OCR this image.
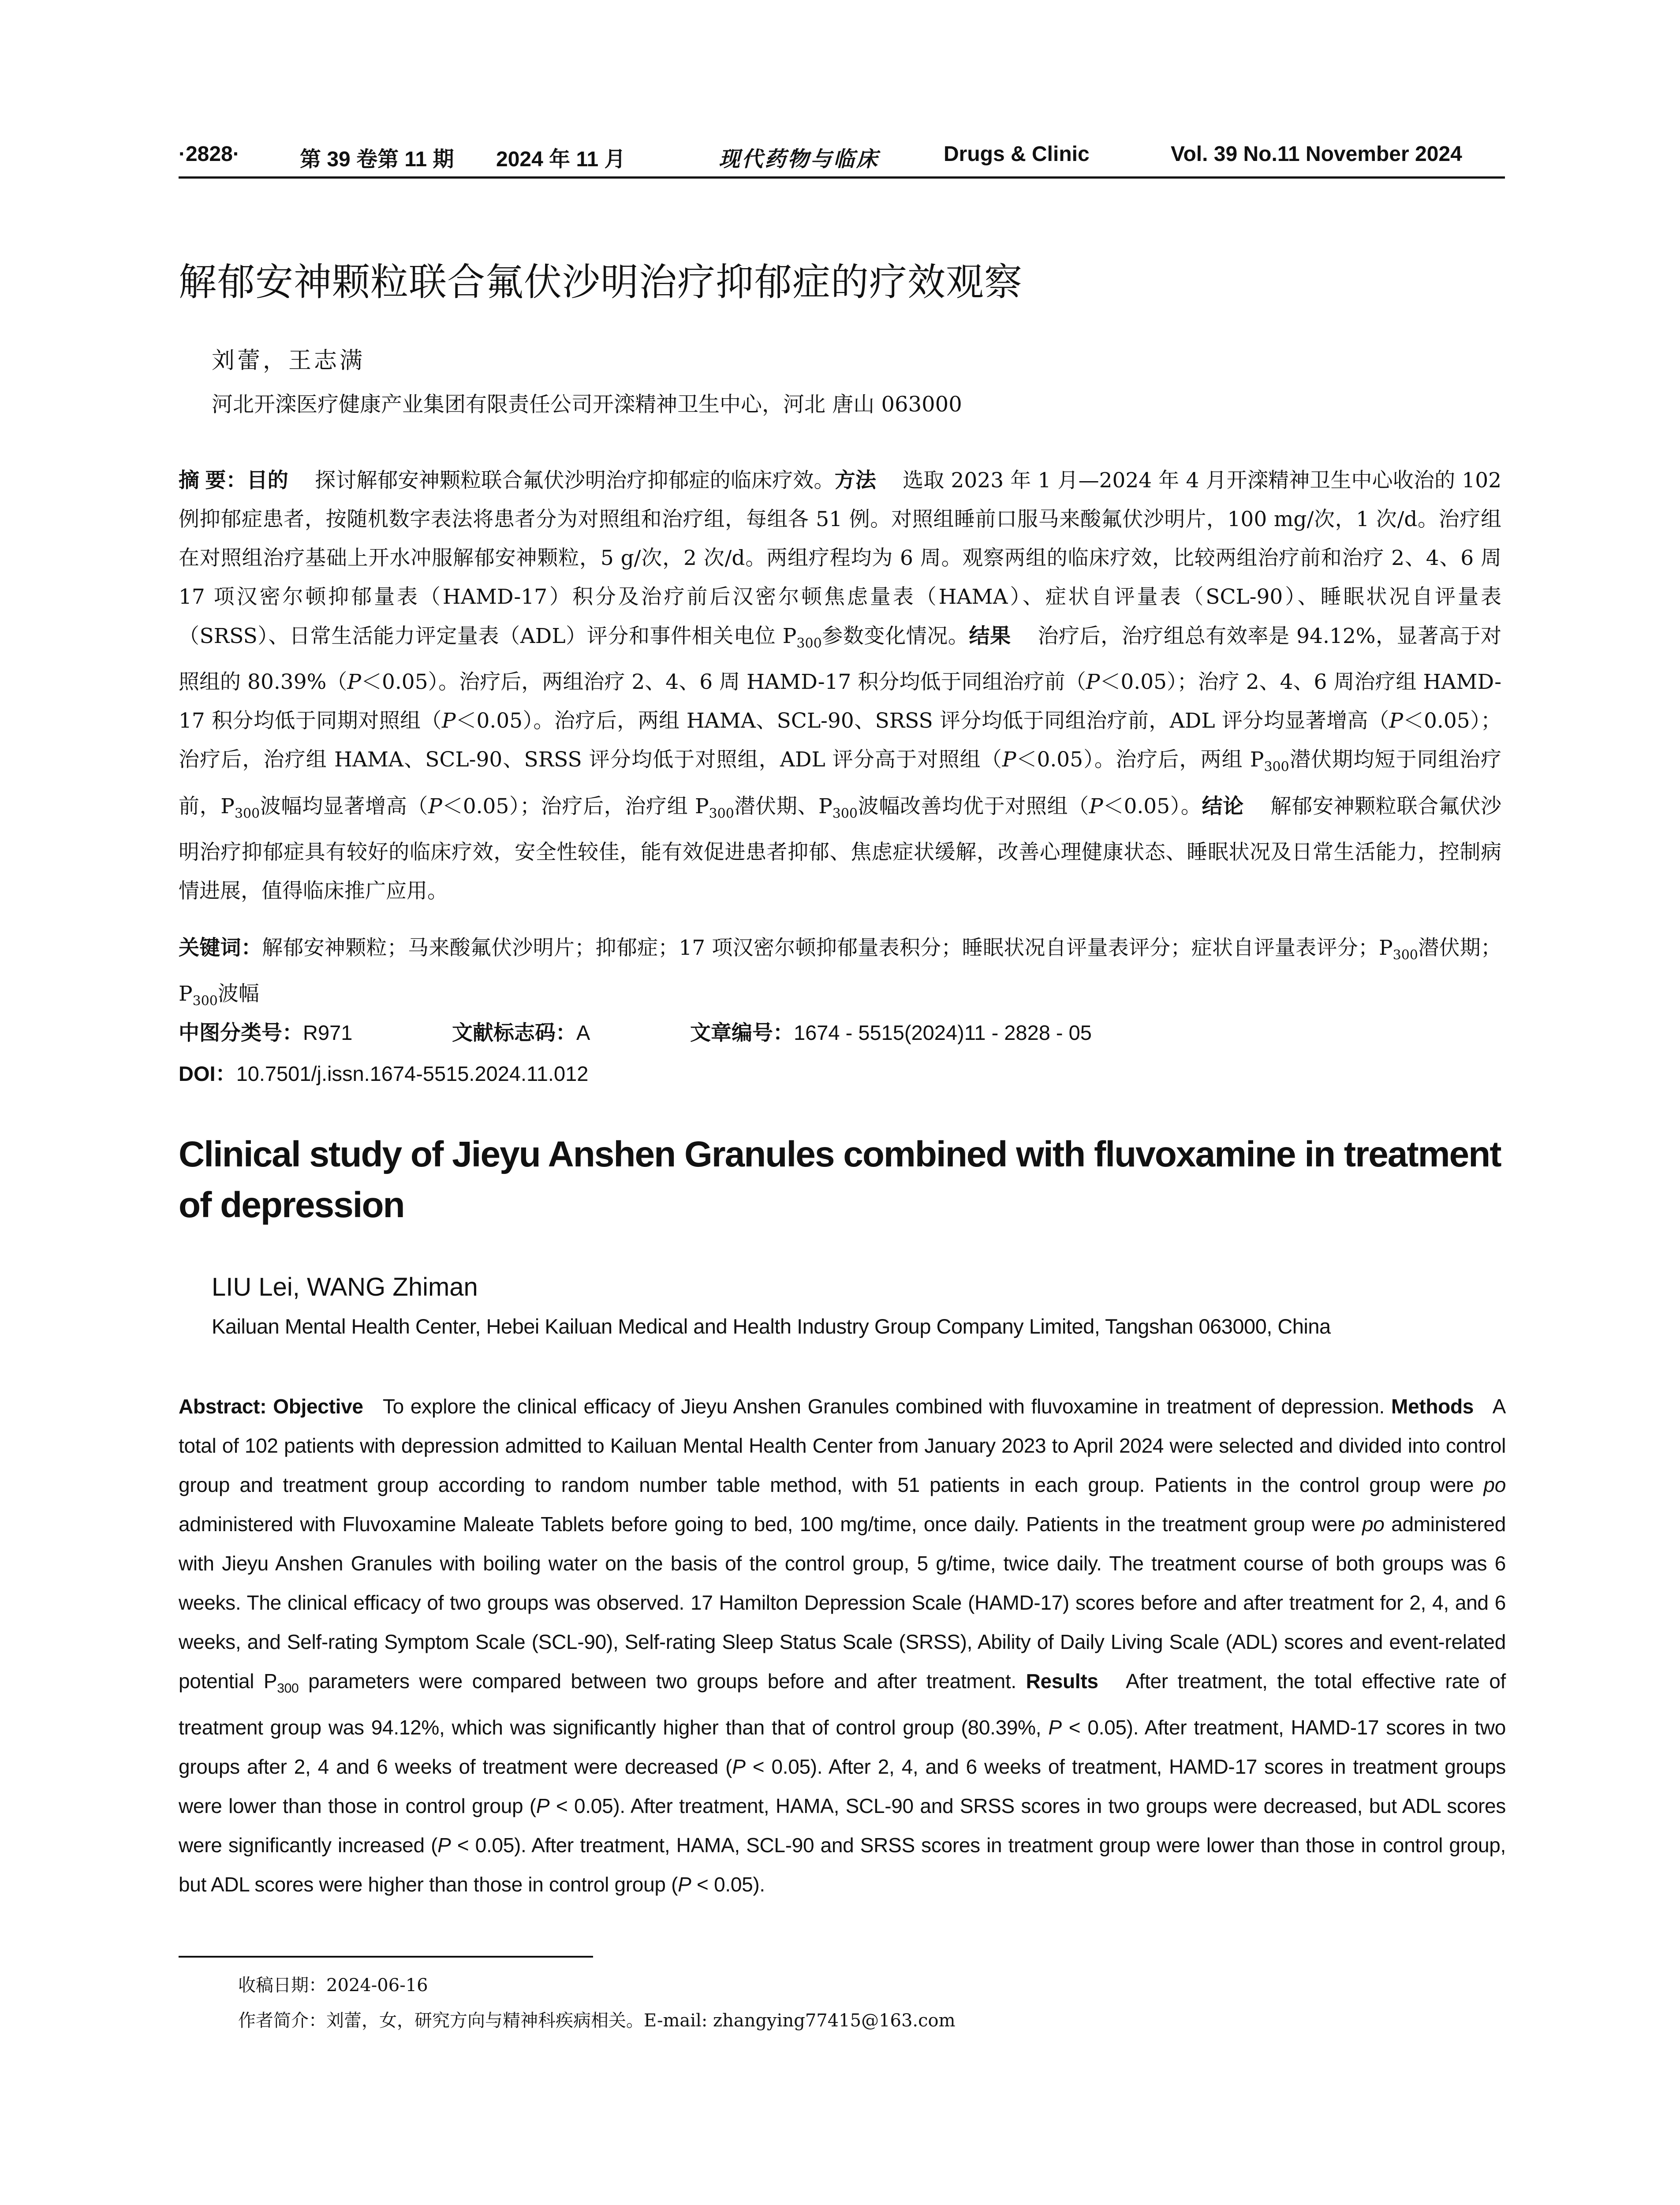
·2828·	第 39 卷第 11 期 2024 年 11 月	现代药物与临床	Drugs & Clinic	Vol. 39 No.11 November 2024
解郁安神颗粒联合氟伏沙明治疗抑郁症的疗效观察
刘蕾，王志满
河北开滦医疗健康产业集团有限责任公司开滦精神卫生中心，河北 唐山 063000
摘 要：目的 探讨解郁安神颗粒联合氟伏沙明治疗抑郁症的临床疗效。方法 选取 2023 年 1 月—2024 年 4 月开滦精神卫生中心收治的 102 例抑郁症患者，按随机数字表法将患者分为对照组和治疗组，每组各 51 例。对照组睡前口服马来酸氟伏沙明片，100 mg/次，1 次/d。治疗组在对照组治疗基础上开水冲服解郁安神颗粒，5 g/次，2 次/d。两组疗程均为 6 周。观察两组的临床疗效，比较两组治疗前和治疗 2、4、6 周 17 项汉密尔顿抑郁量表（HAMD-17）积分及治疗前后汉密尔顿焦虑量表（HAMA）、症状自评量表（SCL-90）、睡眠状况自评量表（SRSS）、日常生活能力评定量表（ADL）评分和事件相关电位 $P_{300}$参数变化情况。结果 治疗后，治疗组总有效率是 94.12%，显著高于对照组的 80.39%（P＜0.05）。治疗后，两组治疗 2、4、6 周 HAMD-17 积分均低于同组治疗前（P＜0.05）；治疗 2、4、6 周治疗组 HAMD-17 积分均低于同期对照组（P＜0.05）。治疗后，两组 HAMA、SCL-90、SRSS 评分均低于同组治疗前，ADL 评分均显著增高（P＜0.05）；治疗后，治疗组 HAMA、SCL-90、SRSS 评分均低于对照组，ADL 评分高于对照组（P＜0.05）。治疗后，两组 $P_{300}$潜伏期均短于同组治疗前，$P_{300}$波幅均显著增高（P＜0.05）；治疗后，治疗组 $P_{300}$潜伏期、$P_{300}$波幅改善均优于对照组（P＜0.05）。结论 解郁安神颗粒联合氟伏沙明治疗抑郁症具有较好的临床疗效，安全性较佳，能有效促进患者抑郁、焦虑症状缓解，改善心理健康状态、睡眠状况及日常生活能力，控制病情进展，值得临床推广应用。
关键词：解郁安神颗粒；马来酸氟伏沙明片；抑郁症；17 项汉密尔顿抑郁量表积分；睡眠状况自评量表评分；症状自评量表评分；$P_{300}$潜伏期；$P_{300}$波幅
中图分类号：R971	文献标志码：A	文章编号：1674 - 5515(2024)11 - 2828 - 05
DOI：10.7501/j.issn.1674-5515.2024.11.012
Clinical study of Jieyu Anshen Granules combined with fluvoxamine in treatment of depression
LIU Lei, WANG Zhiman
Kailuan Mental Health Center, Hebei Kailuan Medical and Health Industry Group Company Limited, Tangshan 063000, China
Abstract: Objective To explore the clinical efficacy of Jieyu Anshen Granules combined with fluvoxamine in treatment of depression. Methods A total of 102 patients with depression admitted to Kailuan Mental Health Center from January 2023 to April 2024 were selected and divided into control group and treatment group according to random number table method, with 51 patients in each group. Patients in the control group were po administered with Fluvoxamine Maleate Tablets before going to bed, 100 mg/time, once daily. Patients in the treatment group were po administered with Jieyu Anshen Granules with boiling water on the basis of the control group, 5 g/time, twice daily. The treatment course of both groups was 6 weeks. The clinical efficacy of two groups was observed. 17 Hamilton Depression Scale (HAMD-17) scores before and after treatment for 2, 4, and 6 weeks, and Self-rating Symptom Scale (SCL-90), Self-rating Sleep Status Scale (SRSS), Ability of Daily Living Scale (ADL) scores and event-related potential $P_{300}$ parameters were compared between two groups before and after treatment. Results After treatment, the total effective rate of treatment group was 94.12%, which was significantly higher than that of control group (80.39%, P < 0.05). After treatment, HAMD-17 scores in two groups after 2, 4 and 6 weeks of treatment were decreased (P < 0.05). After 2, 4, and 6 weeks of treatment, HAMD-17 scores in treatment groups were lower than those in control group (P < 0.05). After treatment, HAMA, SCL-90 and SRSS scores in two groups were decreased, but ADL scores were significantly increased (P < 0.05). After treatment, HAMA, SCL-90 and SRSS scores in treatment group were lower than those in control group, but ADL scores were higher than those in control group (P < 0.05).
收稿日期：2024-06-16
作者简介：刘蕾，女，研究方向与精神科疾病相关。E-mail: zhangying77415@163.com
